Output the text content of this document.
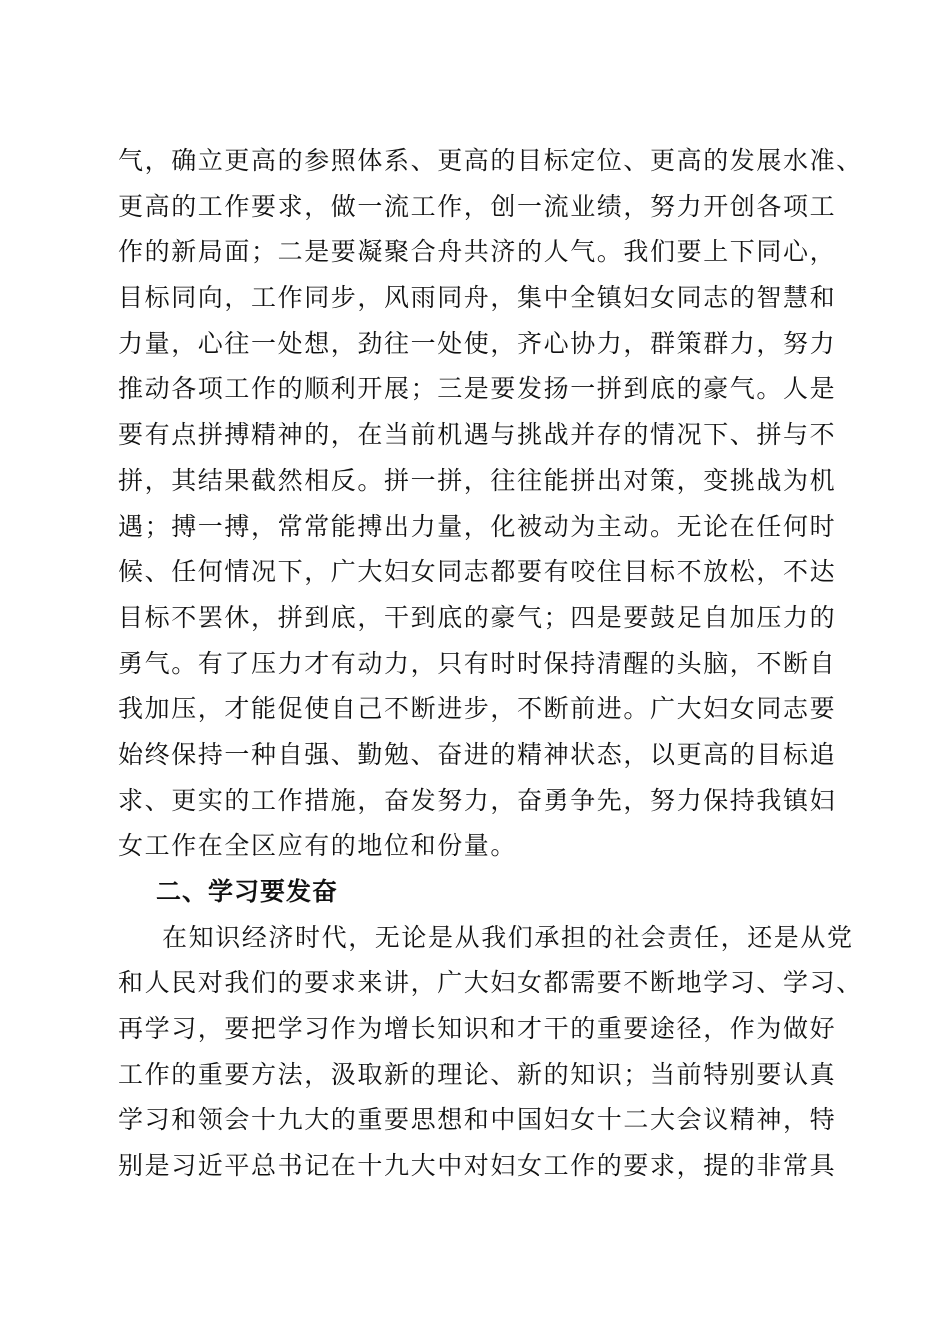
气，确立更高的参照体系、更高的目标定位、更高的发展水准、
更高的工作要求，做一流工作，创一流业绩，努力开创各项工
作的新局面；二是要凝聚合舟共济的人气。我们要上下同心，
目标同向，工作同步，风雨同舟，集中全镇妇女同志的智慧和
力量，心往一处想，劲往一处使，齐心协力，群策群力，努力
推动各项工作的顺利开展；三是要发扬一拼到底的豪气。人是
要有点拼搏精神的，在当前机遇与挑战并存的情况下、拼与不
拼，其结果截然相反。拼一拼，往往能拼出对策，变挑战为机
遇；搏一搏，常常能搏出力量，化被动为主动。无论在任何时
候、任何情况下，广大妇女同志都要有咬住目标不放松，不达
目标不罢休，拼到底，干到底的豪气；四是要鼓足自加压力的
勇气。有了压力才有动力，只有时时保持清醒的头脑，不断自
我加压，才能促使自己不断进步，不断前进。广大妇女同志要
始终保持一种自强、勤勉、奋进的精神状态，以更高的目标追
求、更实的工作措施，奋发努力，奋勇争先，努力保持我镇妇
女工作在全区应有的地位和份量。
二、学习要发奋
在知识经济时代，无论是从我们承担的社会责任，还是从党
和人民对我们的要求来讲，广大妇女都需要不断地学习、学习、
再学习，要把学习作为增长知识和才干的重要途径，作为做好
工作的重要方法，汲取新的理论、新的知识；当前特别要认真
学习和领会十九大的重要思想和中国妇女十二大会议精神，特
别是习近平总书记在十九大中对妇女工作的要求，提的非常具
